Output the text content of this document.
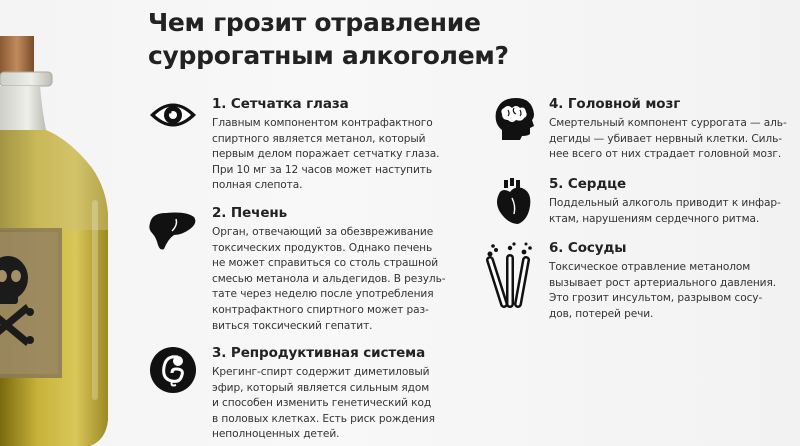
Чем грозит отравление
суррогатным алкоголем?
1. Сетчатка глаза

Главным компонентом контрафактного
спиртного является метанол, который
первым делом поражает сетчатку глаза.
При 10 мг за 12 часов может наступить
полная слепота.

2. Печень

Орган, отвечающий за обезвреживание
токсических продуктов. Однако печень
не может справиться со столь страшной
смесью метанола и альдегидов. В резуль-
тате через неделю после употребления
контрафактного спиртного может раз-
виться токсический гепатит.

3. Репродуктивная система

Крегинг-спирт содержит диметиловый
эфир, который является сильным ядом
и способен изменить генетический код
в половых клетках. Есть риск рождения
неполноценных детей.

4. Головной мозг

Смертельный компонент суррогата — аль-
дегиды — убивает нервный клетки. Силь-
нее всего от них страдает головной мозг.

5. Сердце

Поддельный алкоголь приводит к инфар-
ктам, нарушениям сердечного ритма.

6. Сосуды

Токсическое отравление метанолом
вызывает рост артериального давления.
Это грозит инсультом, разрывом сосу-
дов, потерей речи.
